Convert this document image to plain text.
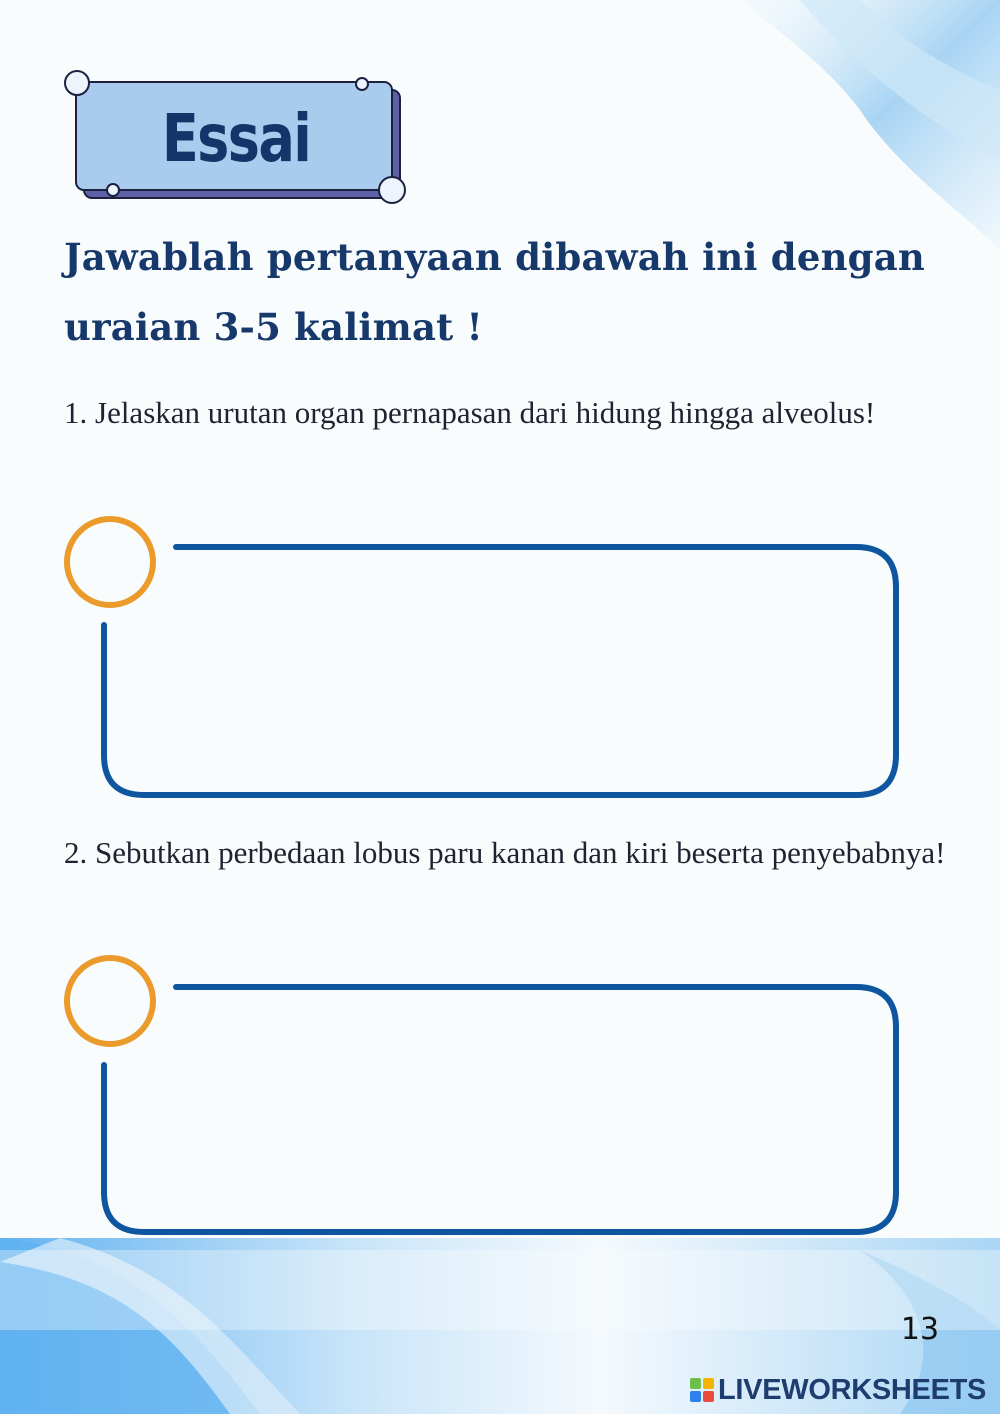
Essai
Jawablah pertanyaan dibawah ini dengan uraian 3-5 kalimat !
1. Jelaskan urutan organ pernapasan dari hidung hingga alveolus!
2. Sebutkan perbedaan lobus paru kanan dan kiri beserta penyebabnya!
13
LIVEWORKSHEETS
